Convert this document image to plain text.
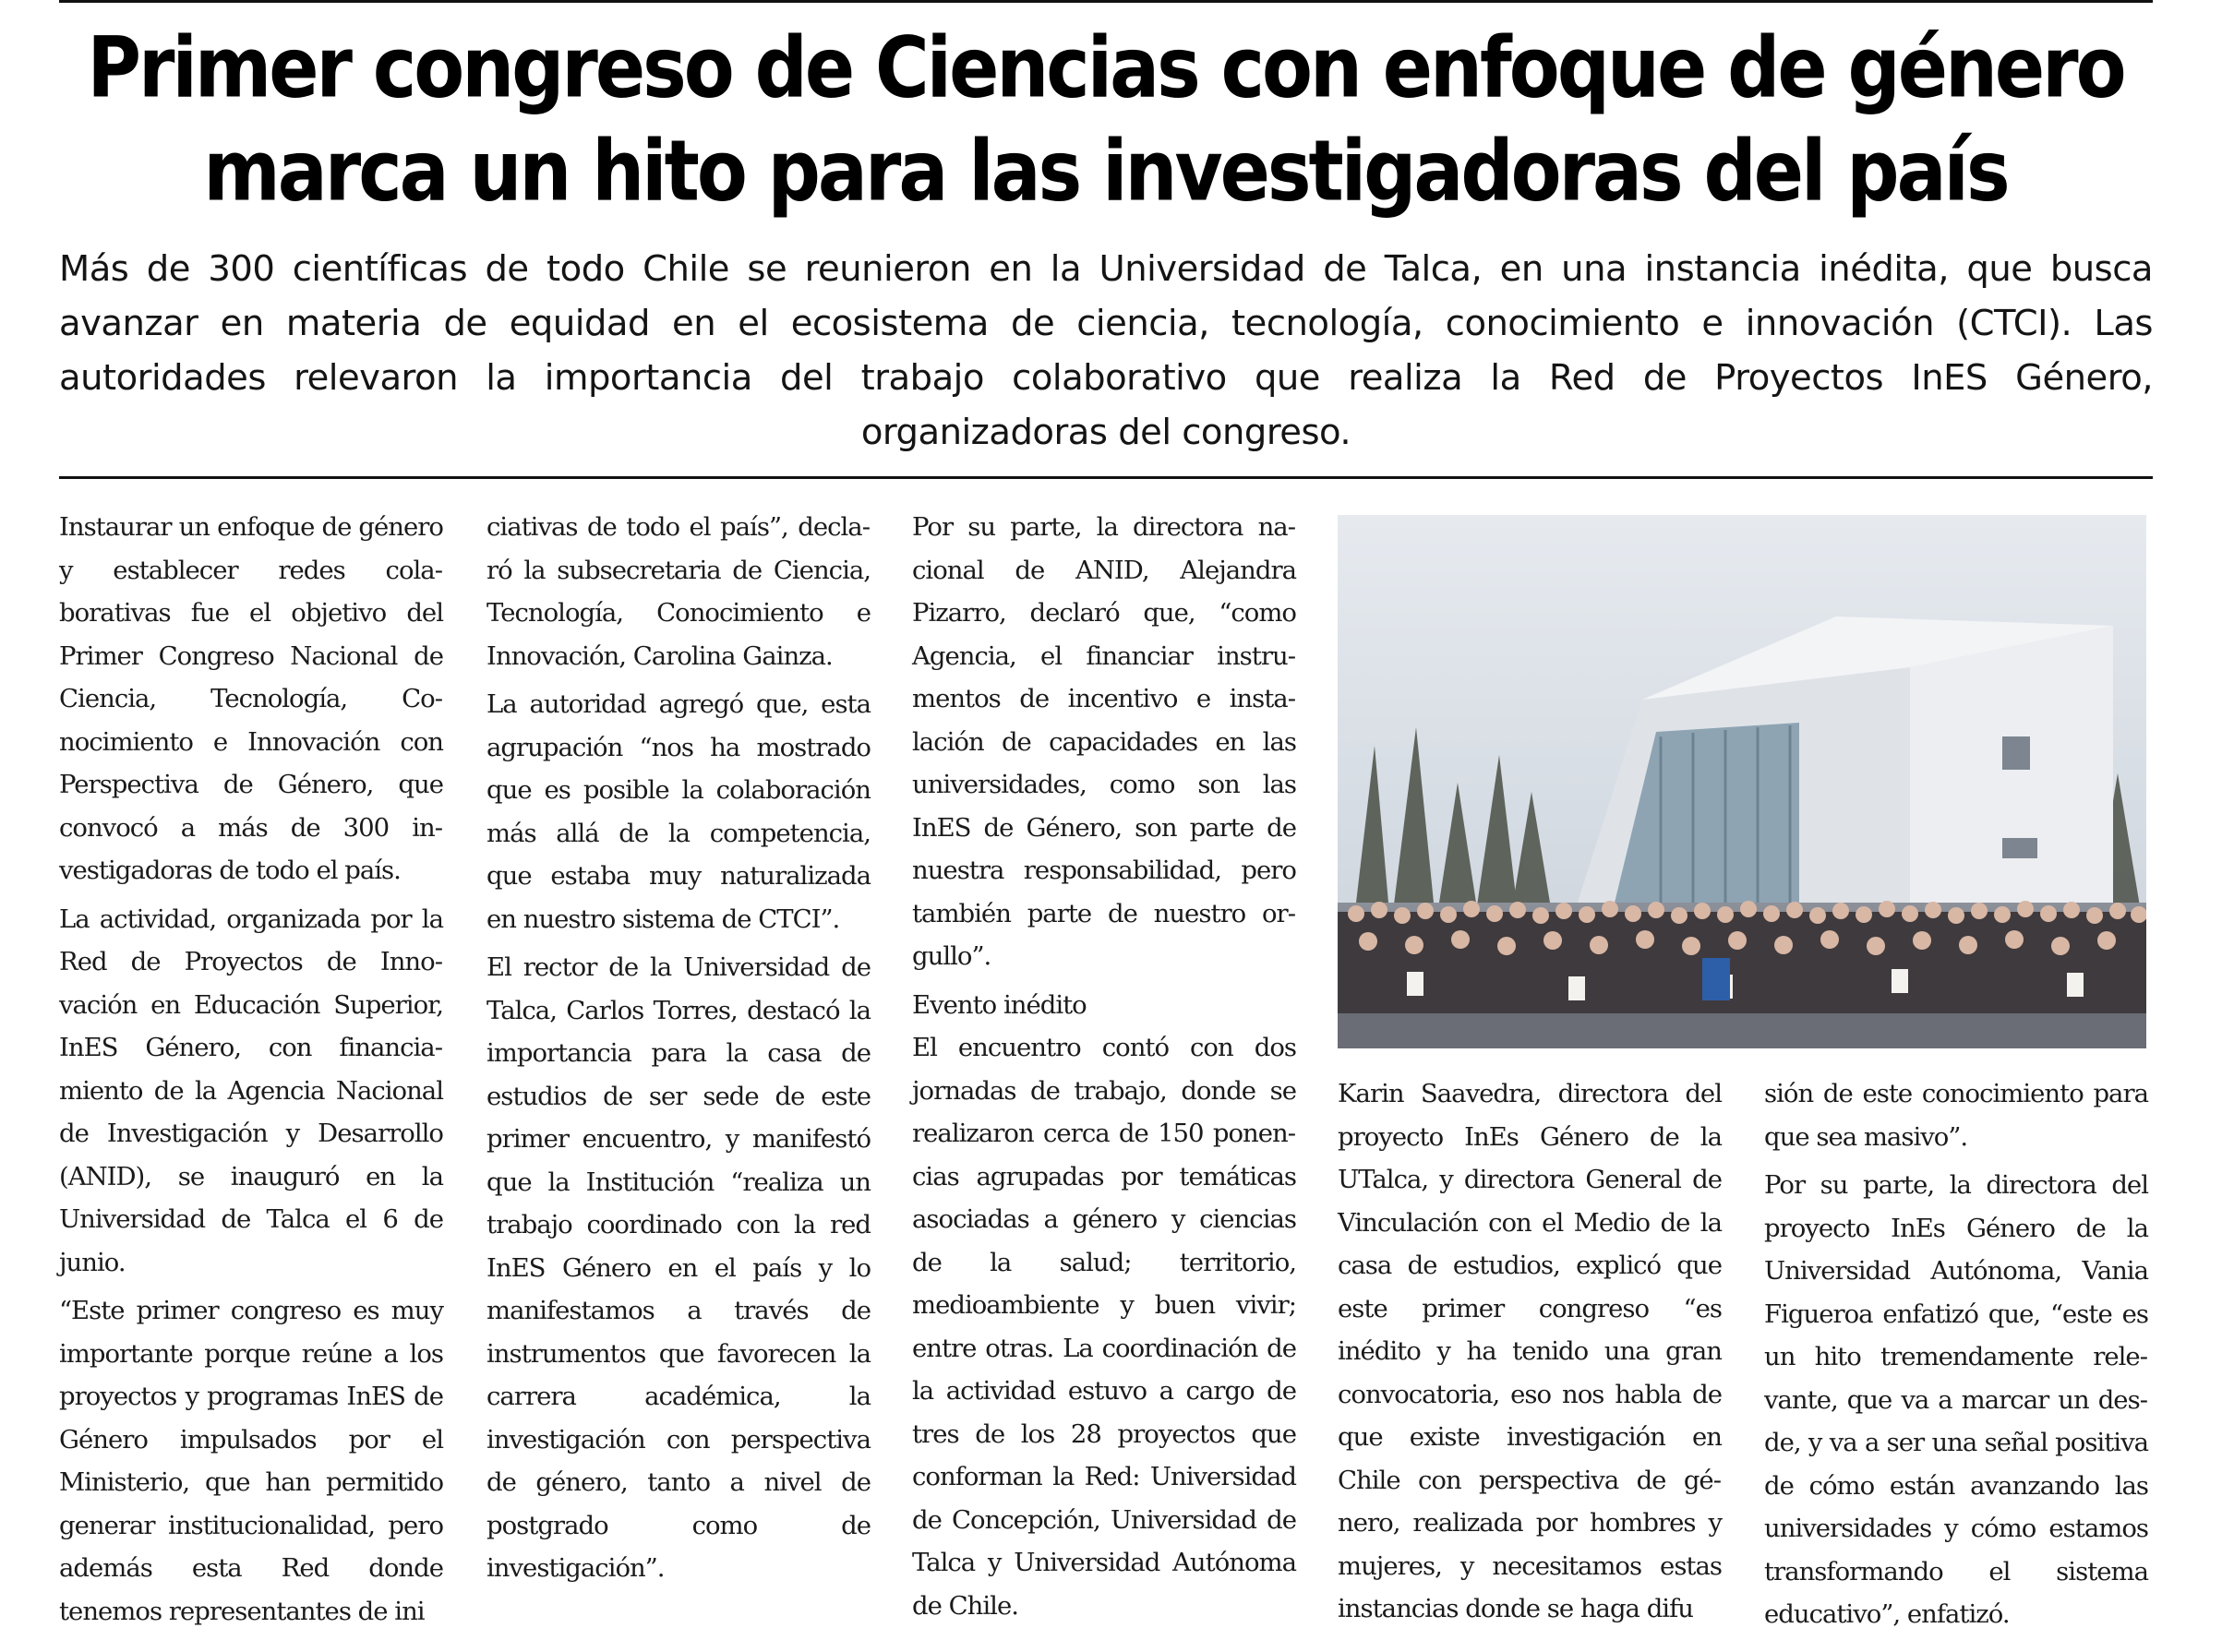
Primer congreso de Ciencias con enfoque de género
marca un hito para las investigadoras del país
Más de 300 científicas de todo Chile se reunieron en la Universidad de Talca, en una instancia inédita, que busca avanzar en materia de equidad en el ecosistema de ciencia, tecnología, conocimiento e innovación (CTCI). Las autoridades relevaron la importancia del trabajo colaborativo que realiza la Red de Proyectos InES Género, organizadoras del congreso.

Instaurar un enfoque de género y establecer redes colaborativas fue el objetivo del Primer Congreso Nacional de Ciencia, Tecnología, Conocimiento e Innovación con Perspectiva de Género, que convocó a más de 300 investigadoras de todo el país.

La actividad, organizada por la Red de Proyectos de Innovación en Educación Superior, InES Género, con financiamiento de la Agencia Nacional de Investigación y Desarrollo (ANID), se inauguró en la Universidad de Talca el 6 de junio.

“Este primer congreso es muy importante porque reúne a los proyectos y programas InES de Género impulsados por el Ministerio, que han permitido generar institucionalidad, pero además esta Red donde tenemos representantes de ini

ciativas de todo el país”, declaró la subsecretaria de Ciencia, Tecnología, Conocimiento e Innovación, Carolina Gainza.

La autoridad agregó que, esta agrupación “nos ha mostrado que es posible la colaboración más allá de la competencia, que estaba muy naturalizada en nuestro sistema de CTCI”.

El rector de la Universidad de Talca, Carlos Torres, destacó la importancia para la casa de estudios de ser sede de este primer encuentro, y manifestó que la Institución “realiza un trabajo coordinado con la red InES Género en el país y lo manifestamos a través de instrumentos que favorecen la carrera académica, la investigación con perspectiva de género, tanto a nivel de postgrado como de investigación”.

Por su parte, la directora nacional de ANID, Alejandra Pizarro, declaró que, “como Agencia, el financiar instrumentos de incentivo e instalación de capacidades en las universidades, como son las InES de Género, son parte de nuestra responsabilidad, pero también parte de nuestro orgullo”.

Evento inédito

El encuentro contó con dos jornadas de trabajo, donde se realizaron cerca de 150 ponencias agrupadas por temáticas asociadas a género y ciencias de la salud; territorio, medioambiente y buen vivir; entre otras. La coordinación de la actividad estuvo a cargo de tres de los 28 proyectos que conforman la Red: Universidad de Concepción, Universidad de Talca y Universidad Autónoma de Chile.

Karin Saavedra, directora del proyecto InEs Género de la UTalca, y directora General de Vinculación con el Medio de la casa de estudios, explicó que este primer congreso “es inédito y ha tenido una gran convocatoria, eso nos habla de que existe investigación en Chile con perspectiva de género, realizada por hombres y mujeres, y necesitamos estas instancias donde se haga difu

sión de este conocimiento para que sea masivo”.

Por su parte, la directora del proyecto InEs Género de la Universidad Autónoma, Vania Figueroa enfatizó que, “este es un hito tremendamente relevante, que va a marcar un desde, y va a ser una señal positiva de cómo están avanzando las universidades y cómo estamos transformando el sistema educativo”, enfatizó.
